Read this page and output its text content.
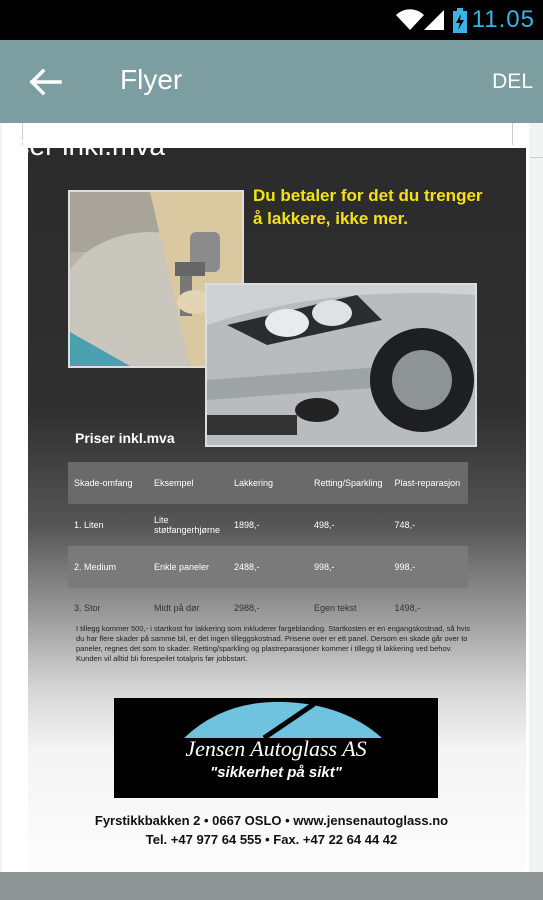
11.05
Flyer	DEL
riser inkl.mva
Du betaler for det du trenger å lakkere, ikke mer.
Priser inkl.mva
Skade-omfang	Eksempel	Lakkering	Retting/Sparkling	Plast-reparasjon
1. Liten	Lite støtfangerhjørne	1898,-	498,-	748,-
2. Medium	Enkle paneler	2488,-	998,-	998,-
3. Stor	Midt på dør	2988,-	Egen tekst	1498,-
I tillegg kommer 500,- i startkost for lakkering som inkluderer fargeblanding. Startkosten er en engangskostnad, så hvis du har flere skader på samme bil, er det ingen tilleggskostnad. Prisene over er ett panel. Dersom en skade går over to paneler, regnes det som to skader. Retting/sparkling og plastreparasjoner kommer i tillegg til lakkering ved behov. Kunden vil alltid bli forespeilet totalpris før jobbstart.
Jensen Autoglass AS
"sikkerhet på sikt"
Fyrstikkbakken 2 • 0667 OSLO • www.jensenautoglass.no
Tel. +47 977 64 555 • Fax. +47 22 64 44 42
